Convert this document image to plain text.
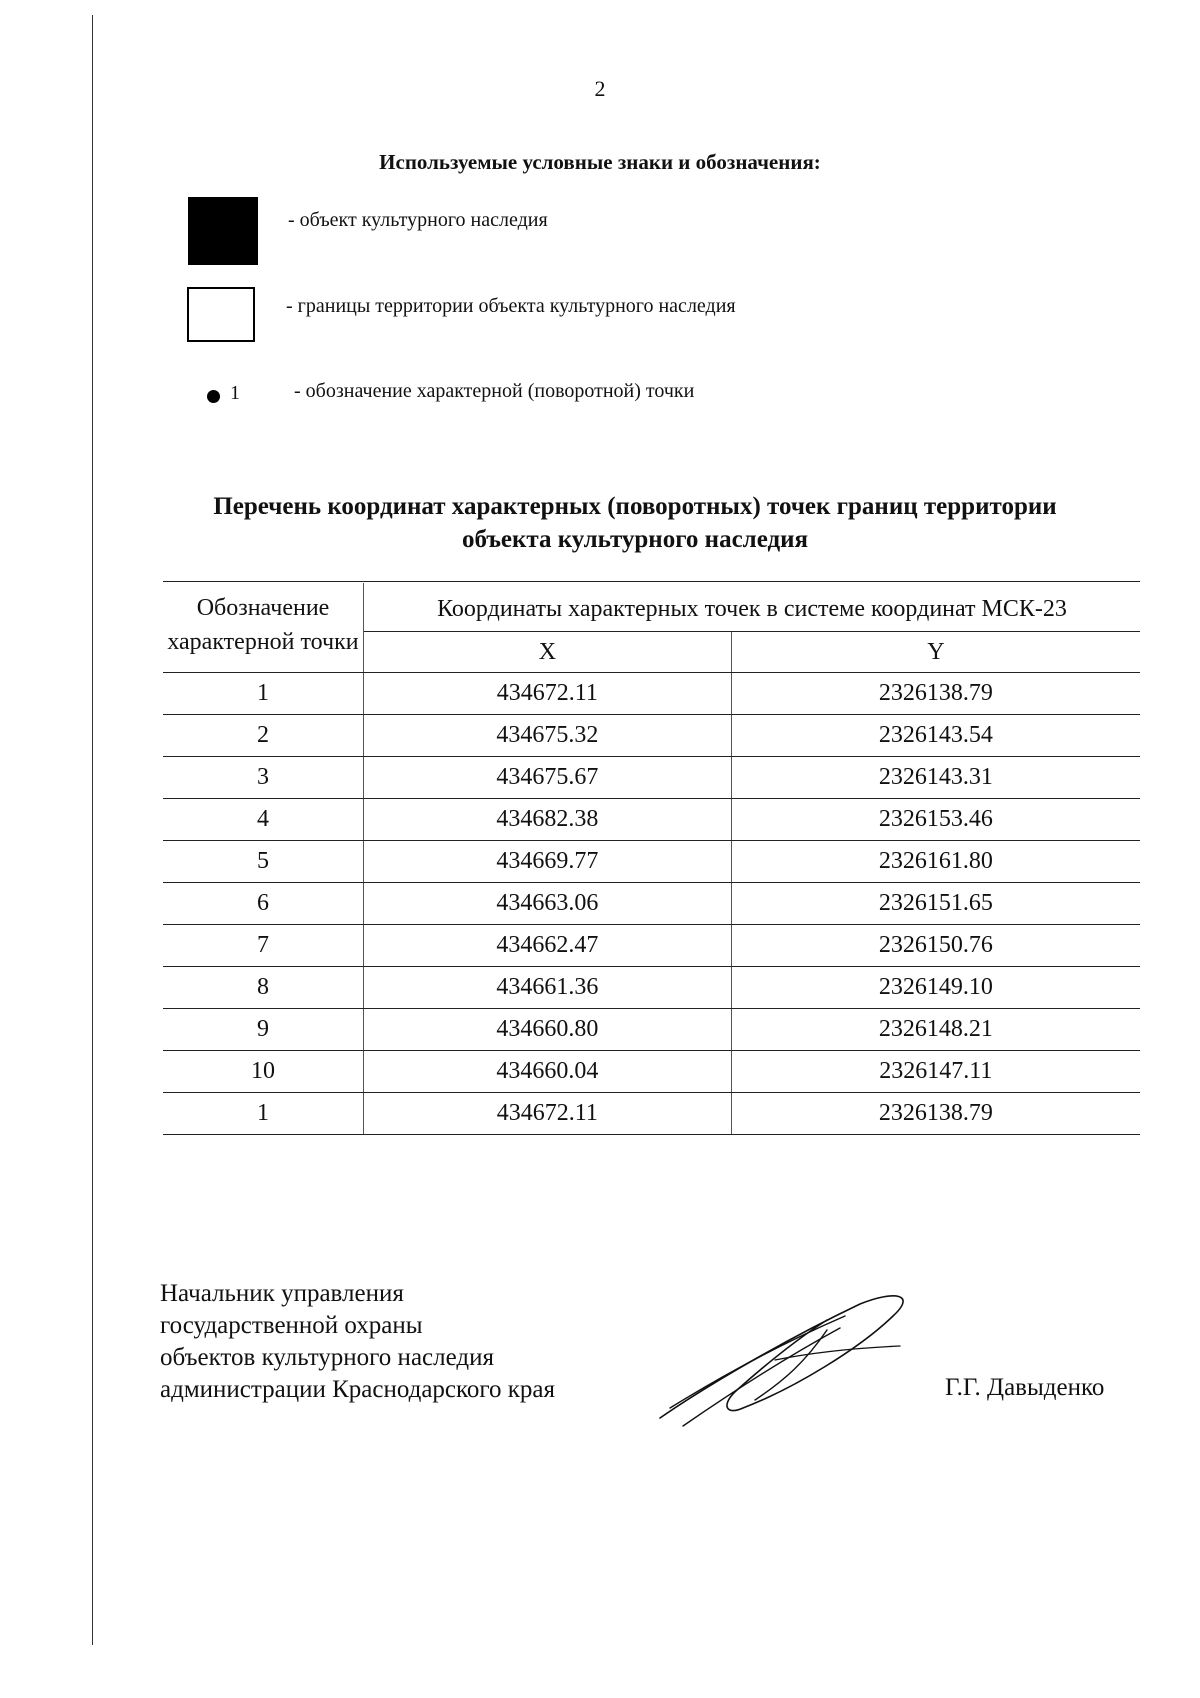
2
Используемые условные знаки и обозначения:
- объект культурного наследия
- границы территории объекта культурного наследия
1	- обозначение характерной (поворотной) точки
Перечень координат характерных (поворотных) точек границ территории
объекта культурного наследия
Обозначение характерной точки	Координаты характерных точек в системе координат МСК-23	
	X	Y
1	434672.11	2326138.79
2	434675.32	2326143.54
3	434675.67	2326143.31
4	434682.38	2326153.46
5	434669.77	2326161.80
6	434663.06	2326151.65
7	434662.47	2326150.76
8	434661.36	2326149.10
9	434660.80	2326148.21
10	434660.04	2326147.11
1	434672.11	2326138.79
Начальник управления
государственной охраны
объектов культурного наследия
администрации Краснодарского края	Г.Г. Давыденко
